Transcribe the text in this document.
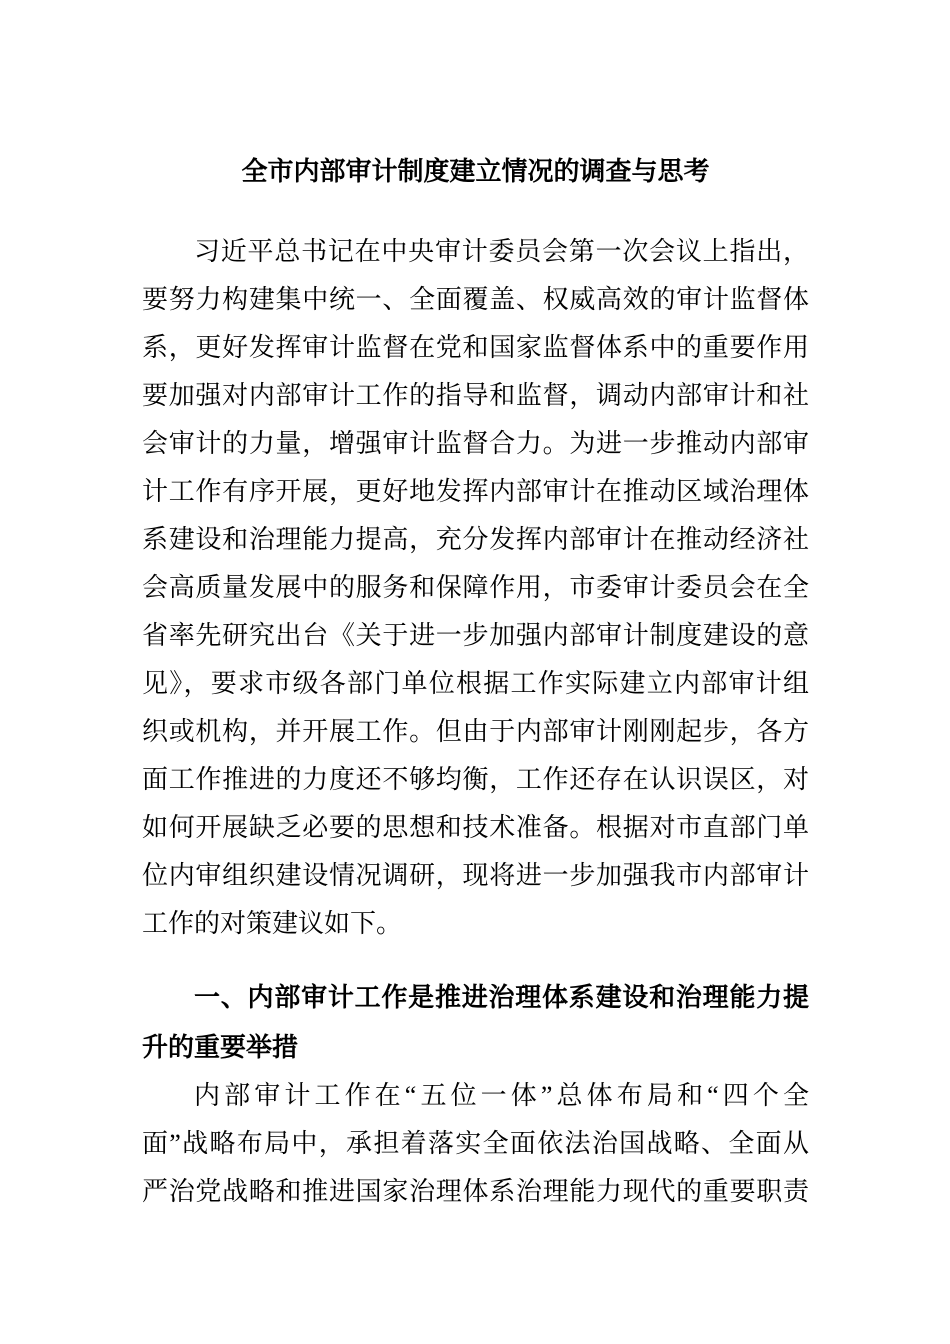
全市内部审计制度建立情况的调查与思考
习近平总书记在中央审计委员会第一次会议上指出，
要努力构建集中统一、全面覆盖、权威高效的审计监督体
系，更好发挥审计监督在党和国家监督体系中的重要作用
要加强对内部审计工作的指导和监督，调动内部审计和社
会审计的力量，增强审计监督合力。为进一步推动内部审
计工作有序开展，更好地发挥内部审计在推动区域治理体
系建设和治理能力提高，充分发挥内部审计在推动经济社
会高质量发展中的服务和保障作用，市委审计委员会在全
省率先研究出台《关于进一步加强内部审计制度建设的意
见》，要求市级各部门单位根据工作实际建立内部审计组
织或机构，并开展工作。但由于内部审计刚刚起步，各方
面工作推进的力度还不够均衡，工作还存在认识误区，对
如何开展缺乏必要的思想和技术准备。根据对市直部门单
位内审组织建设情况调研，现将进一步加强我市内部审计
工作的对策建议如下。
一、内部审计工作是推进治理体系建设和治理能力提
升的重要举措
内部审计工作在“五位一体”总体布局和“四个全
面”战略布局中，承担着落实全面依法治国战略、全面从
严治党战略和推进国家治理体系治理能力现代的重要职责
